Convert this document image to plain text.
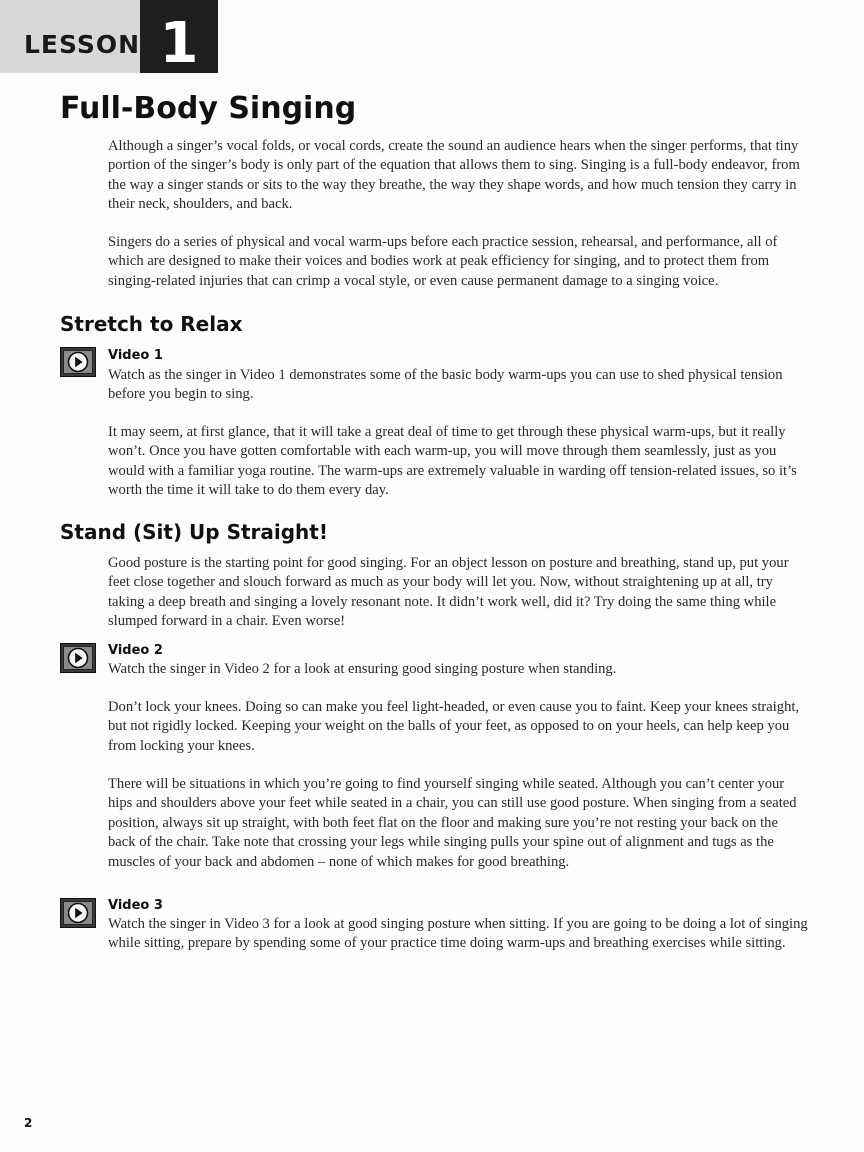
LESSON 1
Full-Body Singing

Although a singer’s vocal folds, or vocal cords, create the sound an audience hears when the singer performs, that tiny portion of the singer’s body is only part of the equation that allows them to sing. Singing is a full-body endeavor, from the way a singer stands or sits to the way they breathe, the way they shape words, and how much tension they carry in their neck, shoulders, and back.

Singers do a series of physical and vocal warm-ups before each practice session, rehearsal, and performance, all of which are designed to make their voices and bodies work at peak efficiency for singing, and to protect them from singing-related injuries that can crimp a vocal style, or even cause permanent damage to a singing voice.

Stretch to Relax

Video 1

Watch as the singer in Video 1 demonstrates some of the basic body warm-ups you can use to shed physical tension before you begin to sing.

It may seem, at first glance, that it will take a great deal of time to get through these physical warm-ups, but it really won’t. Once you have gotten comfortable with each warm-up, you will move through them seamlessly, just as you would with a familiar yoga routine. The warm-ups are extremely valuable in warding off tension-related issues, so it’s worth the time it will take to do them every day.

Stand (Sit) Up Straight!

Good posture is the starting point for good singing. For an object lesson on posture and breathing, stand up, put your feet close together and slouch forward as much as your body will let you. Now, without straightening up at all, try taking a deep breath and singing a lovely resonant note. It didn’t work well, did it? Try doing the same thing while slumped forward in a chair. Even worse!

Video 2

Watch the singer in Video 2 for a look at ensuring good singing posture when standing.

Don’t lock your knees. Doing so can make you feel light-headed, or even cause you to faint. Keep your knees straight, but not rigidly locked. Keeping your weight on the balls of your feet, as opposed to on your heels, can help keep you from locking your knees.

There will be situations in which you’re going to find yourself singing while seated. Although you can’t center your hips and shoulders above your feet while seated in a chair, you can still use good posture. When singing from a seated position, always sit up straight, with both feet flat on the floor and making sure you’re not resting your back on the back of the chair. Take note that crossing your legs while singing pulls your spine out of alignment and tugs as the muscles of your back and abdomen – none of which makes for good breathing.

Video 3

Watch the singer in Video 3 for a look at good singing posture when sitting. If you are going to be doing a lot of singing while sitting, prepare by spending some of your practice time doing warm-ups and breathing exercises while sitting.

2
